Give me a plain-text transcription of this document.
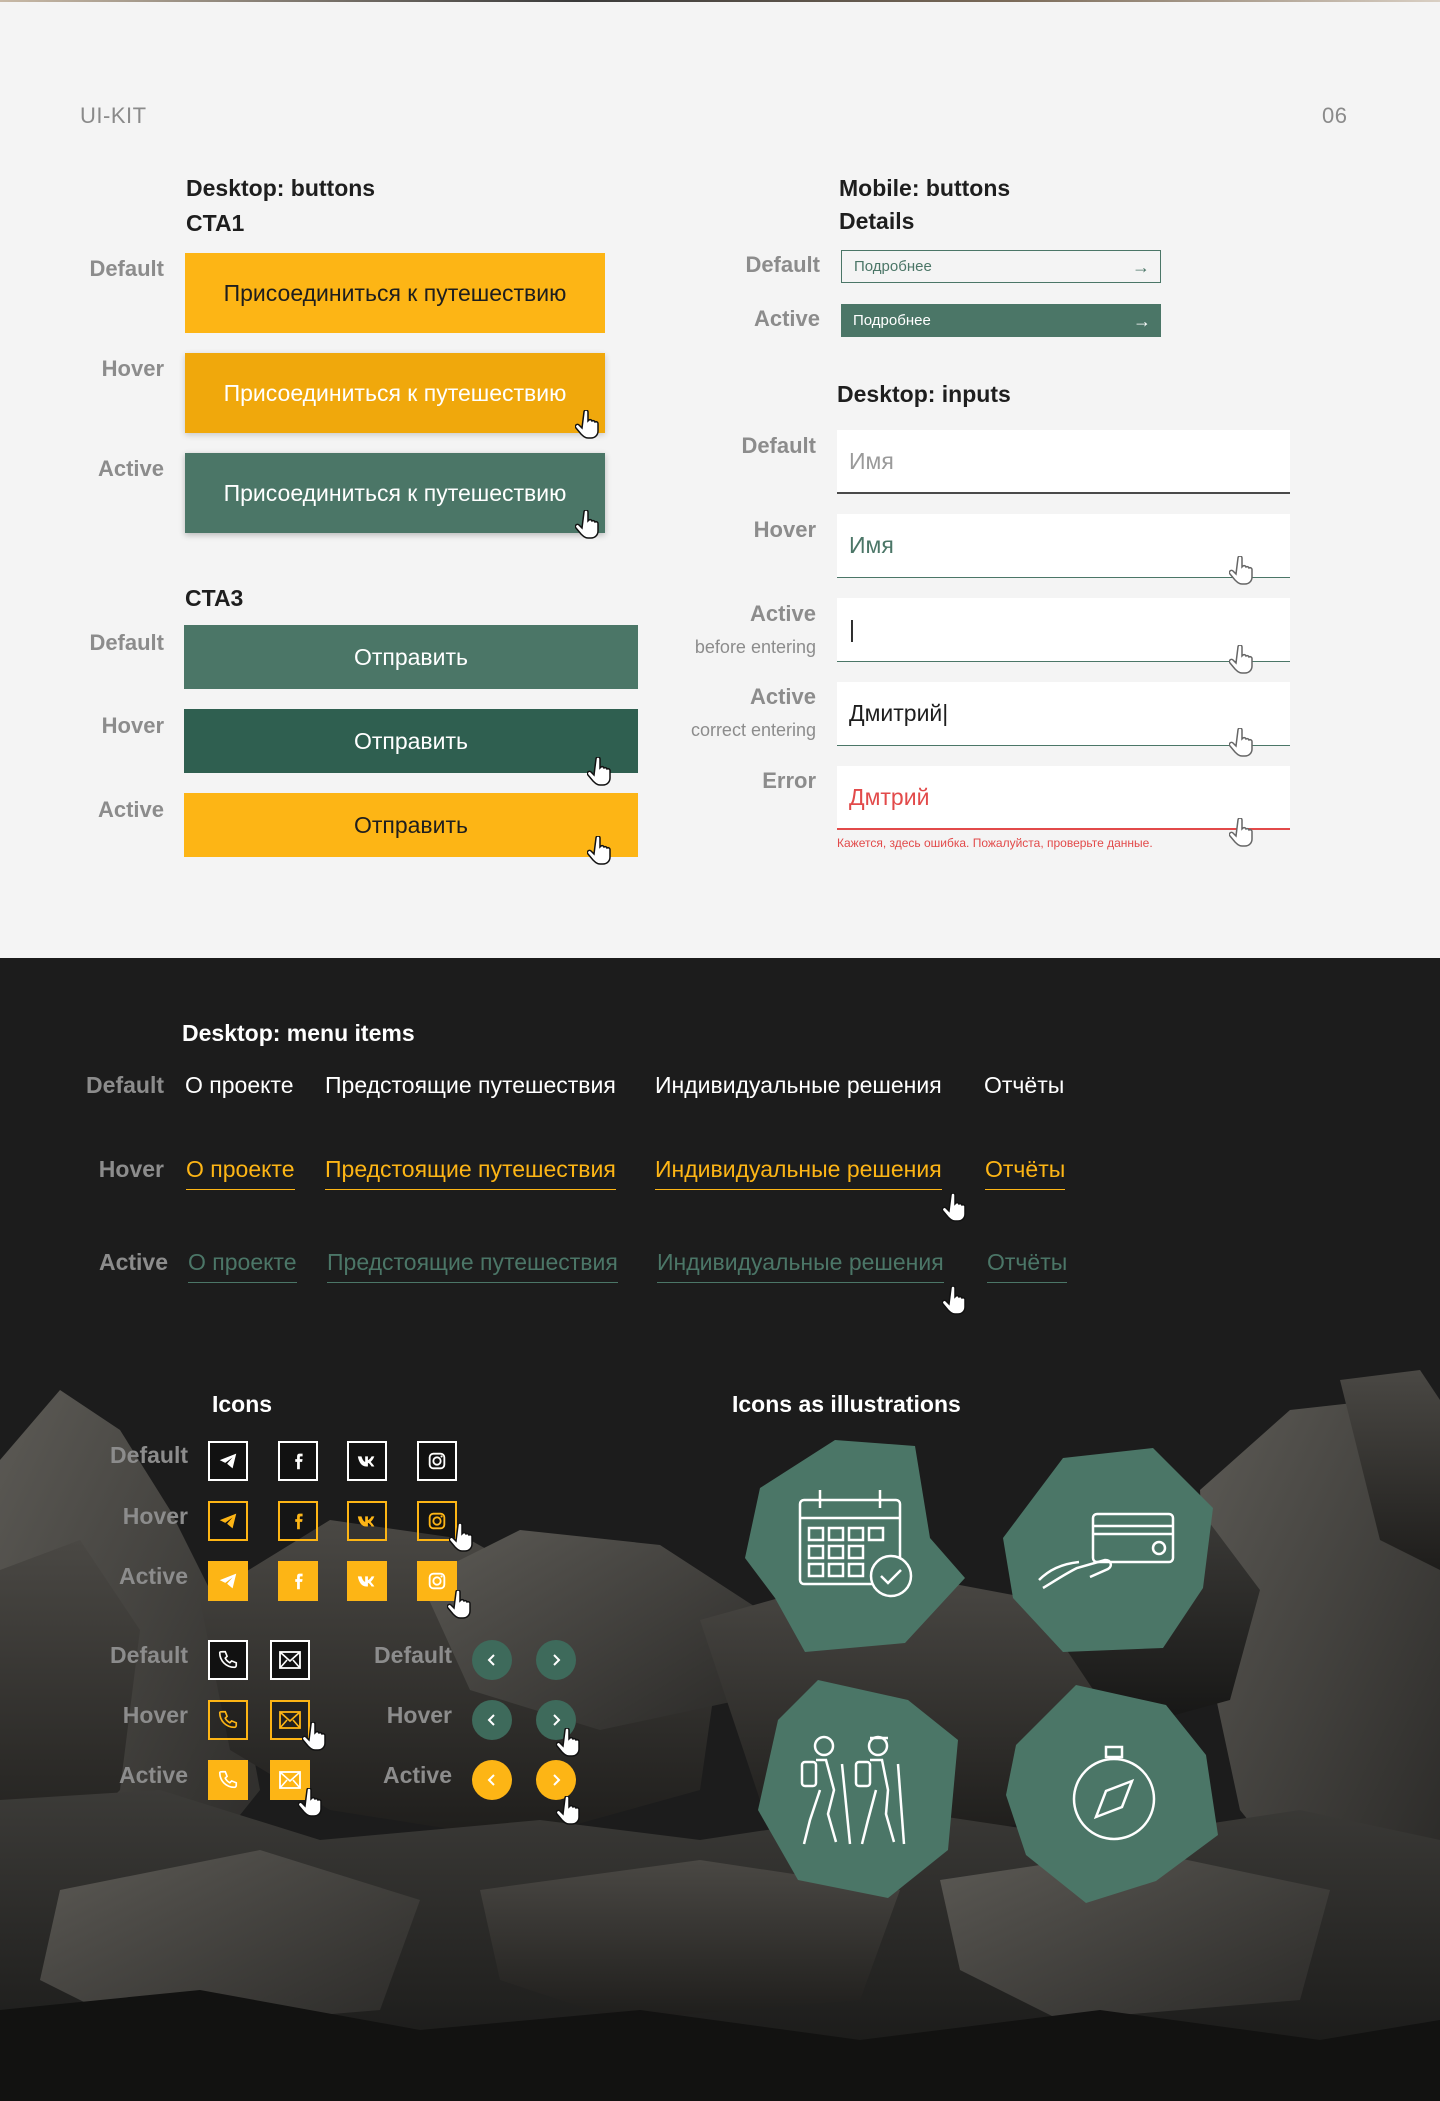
UI-KIT	06
Desktop: buttons
CTA1
Default
Присоединиться к путешествию
Hover
Присоединиться к путешествию
Active
Присоединиться к путешествию
CTA3
Default
Отправить
Hover
Отправить
Active
Отправить
Mobile: buttons
Details
Default Подробнее	→
Active Подробнее	→
Desktop: inputs
Default
Имя
Hover
Имя
Active
before entering
|
Active
correct entering
Дмитрий|
Error
Дмтрий
Кажется, здесь ошибка. Пожалуйста, проверьте данные.
Desktop: menu items
Default О проекте Предстоящие путешествия Индивидуальные решения Отчёты
Hover О проекте Предстоящие путешествия Индивидуальные решения Отчёты
Active О проекте Предстоящие путешествия Индивидуальные решения Отчёты
Icons
Default
Hover
Active
Default
Hover
Active
Default
Hover
Active
Icons as illustrations
